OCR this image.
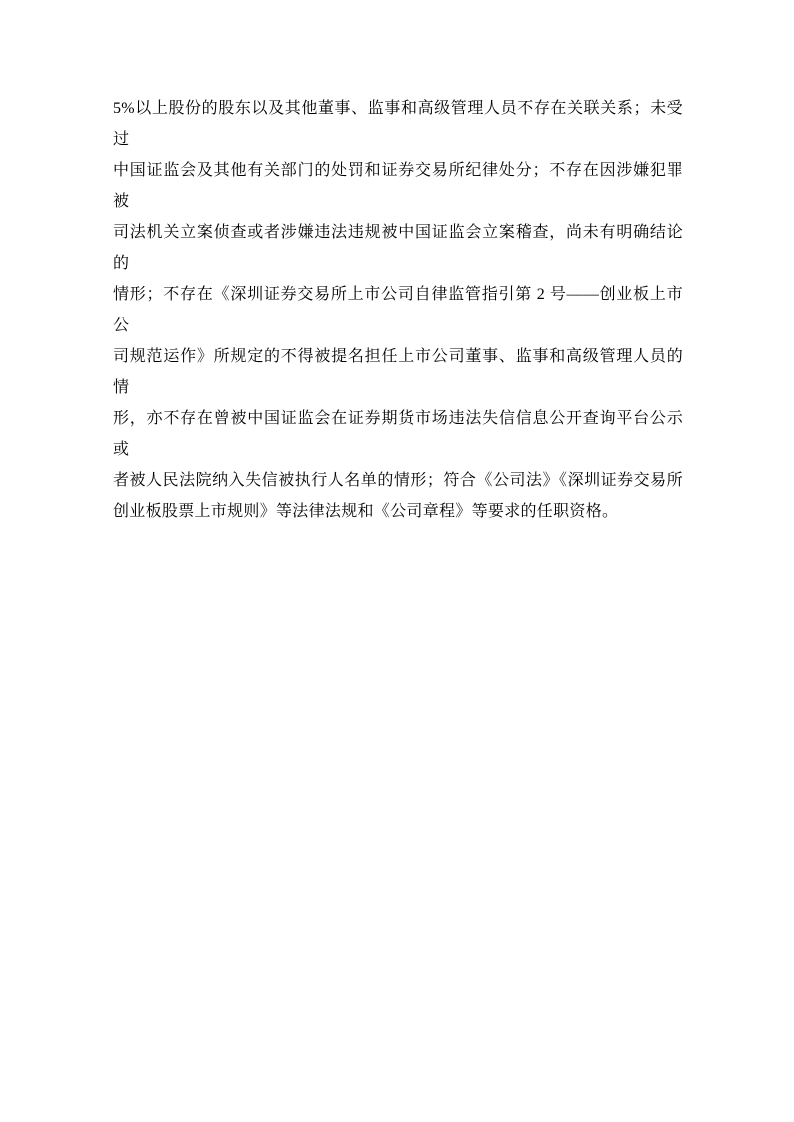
5%以上股份的股东以及其他董事、监事和高级管理人员不存在关联关系；未受过
中国证监会及其他有关部门的处罚和证券交易所纪律处分；不存在因涉嫌犯罪被
司法机关立案侦查或者涉嫌违法违规被中国证监会立案稽查，尚未有明确结论的
情形；不存在《深圳证券交易所上市公司自律监管指引第 2 号——创业板上市公
司规范运作》所规定的不得被提名担任上市公司董事、监事和高级管理人员的情
形，亦不存在曾被中国证监会在证券期货市场违法失信信息公开查询平台公示或
者被人民法院纳入失信被执行人名单的情形；符合《公司法》《深圳证券交易所
创业板股票上市规则》等法律法规和《公司章程》等要求的任职资格。
